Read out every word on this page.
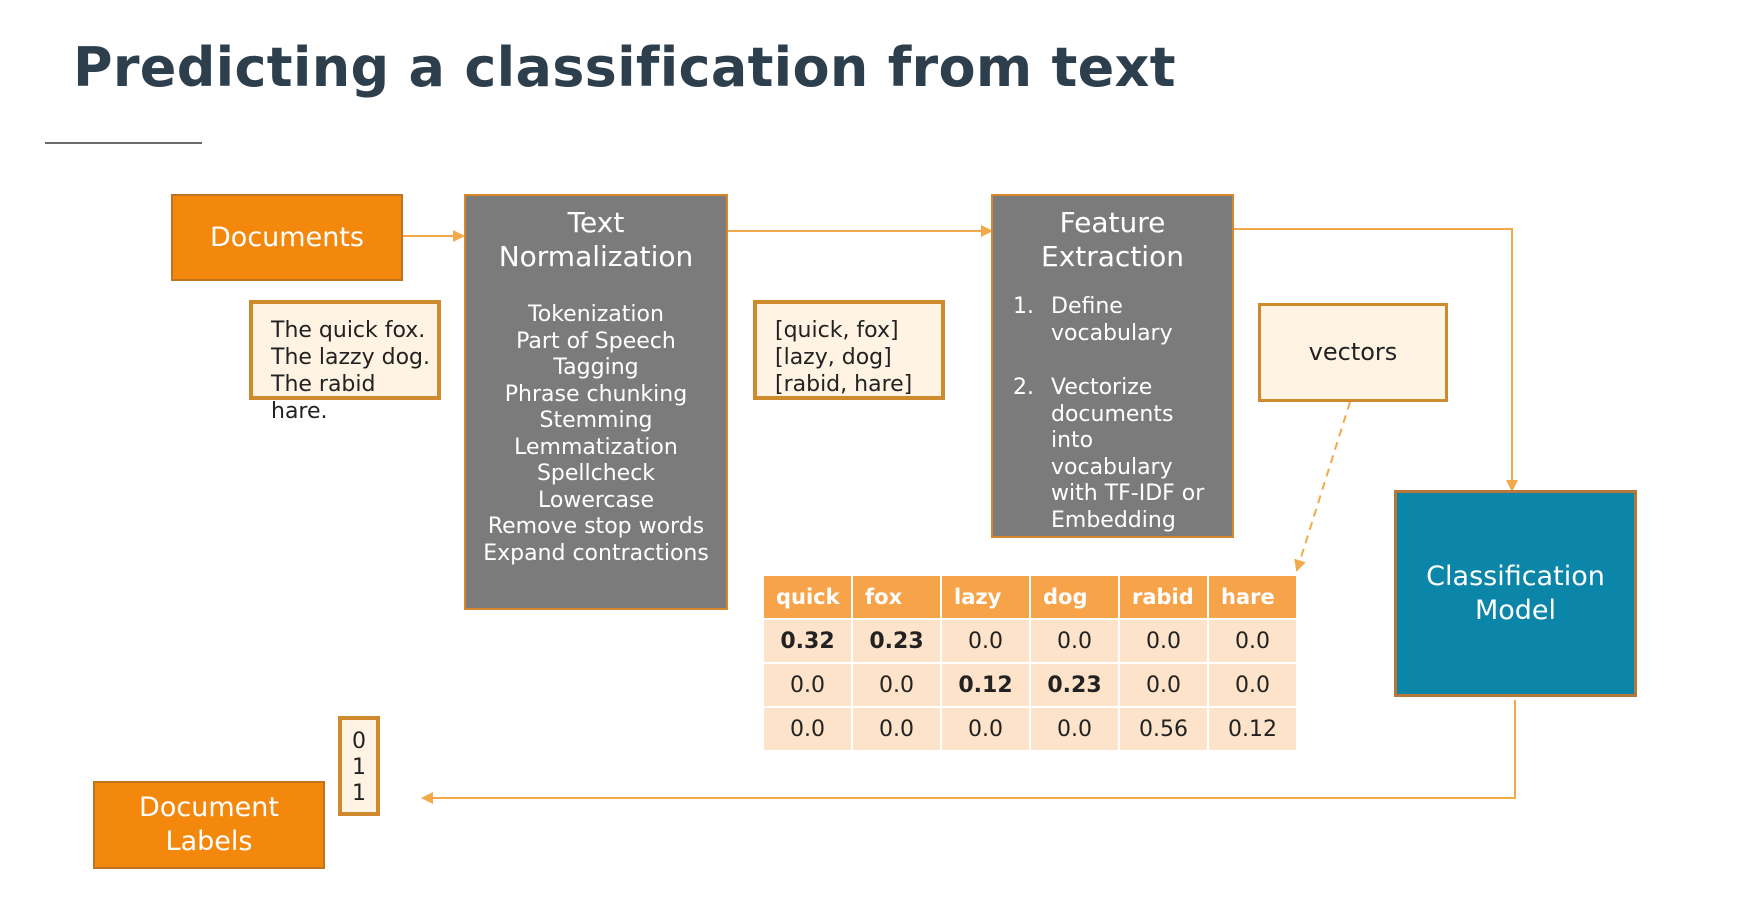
Predicting a classification from text
Documents
The quick fox.
The lazzy dog.
The rabid hare.
Text
Normalization
Tokenization
Part of Speech
Tagging
Phrase chunking
Stemming
Lemmatization
Spellcheck
Lowercase
Remove stop words
Expand contractions
[quick, fox]
[lazy, dog]
[rabid, hare]
Feature
Extraction
1. Define vocabulary
2. Vectorize documents into vocabulary with TF-IDF or Embedding
vectors
quick	fox	lazy	dog	rabid	hare
0.32	0.23	0.0	0.0	0.0	0.0
0.0	0.0	0.12	0.23	0.0	0.0
0.0	0.0	0.0	0.0	0.56	0.12
Classification
Model
Document
Labels
0
1
1
